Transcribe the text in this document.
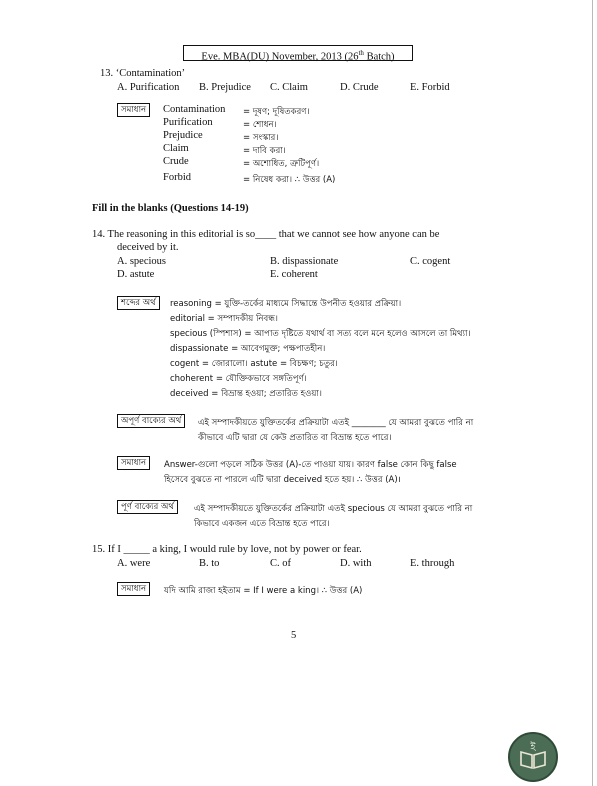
Eve. MBA(DU) November, 2013 (26th Batch)
13. ‘Contamination’
A. Purification B. Prejudice C. Claim	D. Crude	E. Forbid
সমাধান	Contamination = দূষণ; দূষিতকরণ।
Purification	= শোধন।
Prejudice	= সংস্কার।
Claim	= দাবি করা।
Crude	= অশোধিত, ত্রুটিপূর্ণ।
Forbid	= নিষেধ করা। ∴ উত্তর (A)
Fill in the blanks (Questions 14-19)
14. The reasoning in this editorial is so____ that we cannot see how anyone can be
deceived by it.
A. specious	B. dispassionate	C. cogent
D. astute	E. coherent
শব্দের অর্থ	reasoning = যুক্তি-তর্কের মাধ্যমে সিদ্ধান্তে উপনীত হওয়ার প্রক্রিয়া।
editorial = সম্পাদকীয় নিবন্ধ।
specious (স্পিশাস) = আপাত দৃষ্টিতে যথার্থ বা সত্য বলে মনে হলেও আসলে তা মিথ্যা।
dispassionate = আবেগমুক্ত; পক্ষপাতহীন।
cogent = জোরালো। astute = বিচক্ষণ; চতুর।
choherent = যৌক্তিকভাবে সঙ্গতিপূর্ণ।
deceived = বিভ্রান্ত হওয়া; প্রতারিত হওয়া।
অপূর্ণ বাক্যের অর্থ	এই সম্পাদকীয়তে যুক্তিতর্কের প্রক্রিয়াটা এতই ________ যে আমরা বুঝতে পারি না
কীভাবে এটি দ্বারা যে কেউ প্রতারিত বা বিভ্রান্ত হতে পারে।
সমাধান	Answer-গুলো পড়লে সঠিক উত্তর (A)-তে পাওয়া যায়। কারণ false কোন কিছু false
হিসেবে বুঝতে না পারলে এটি দ্বারা deceived হতে হয়। ∴ উত্তর (A)।
পূর্ণ বাক্যের অর্থ	এই সম্পাদকীয়তে যুক্তিতর্কের প্রক্রিয়াটা এতই specious যে আমরা বুঝতে পারি না
কিভাবে একজন এতে বিভ্রান্ত হতে পারে।
15. If I _____ a king, I would rule by love, not by power or fear.
A. were	B. to	C. of	D. with	E. through
সমাধান	যদি আমি রাজা হইতাম = If I were a king। ∴ উত্তর (A)
5
ই
